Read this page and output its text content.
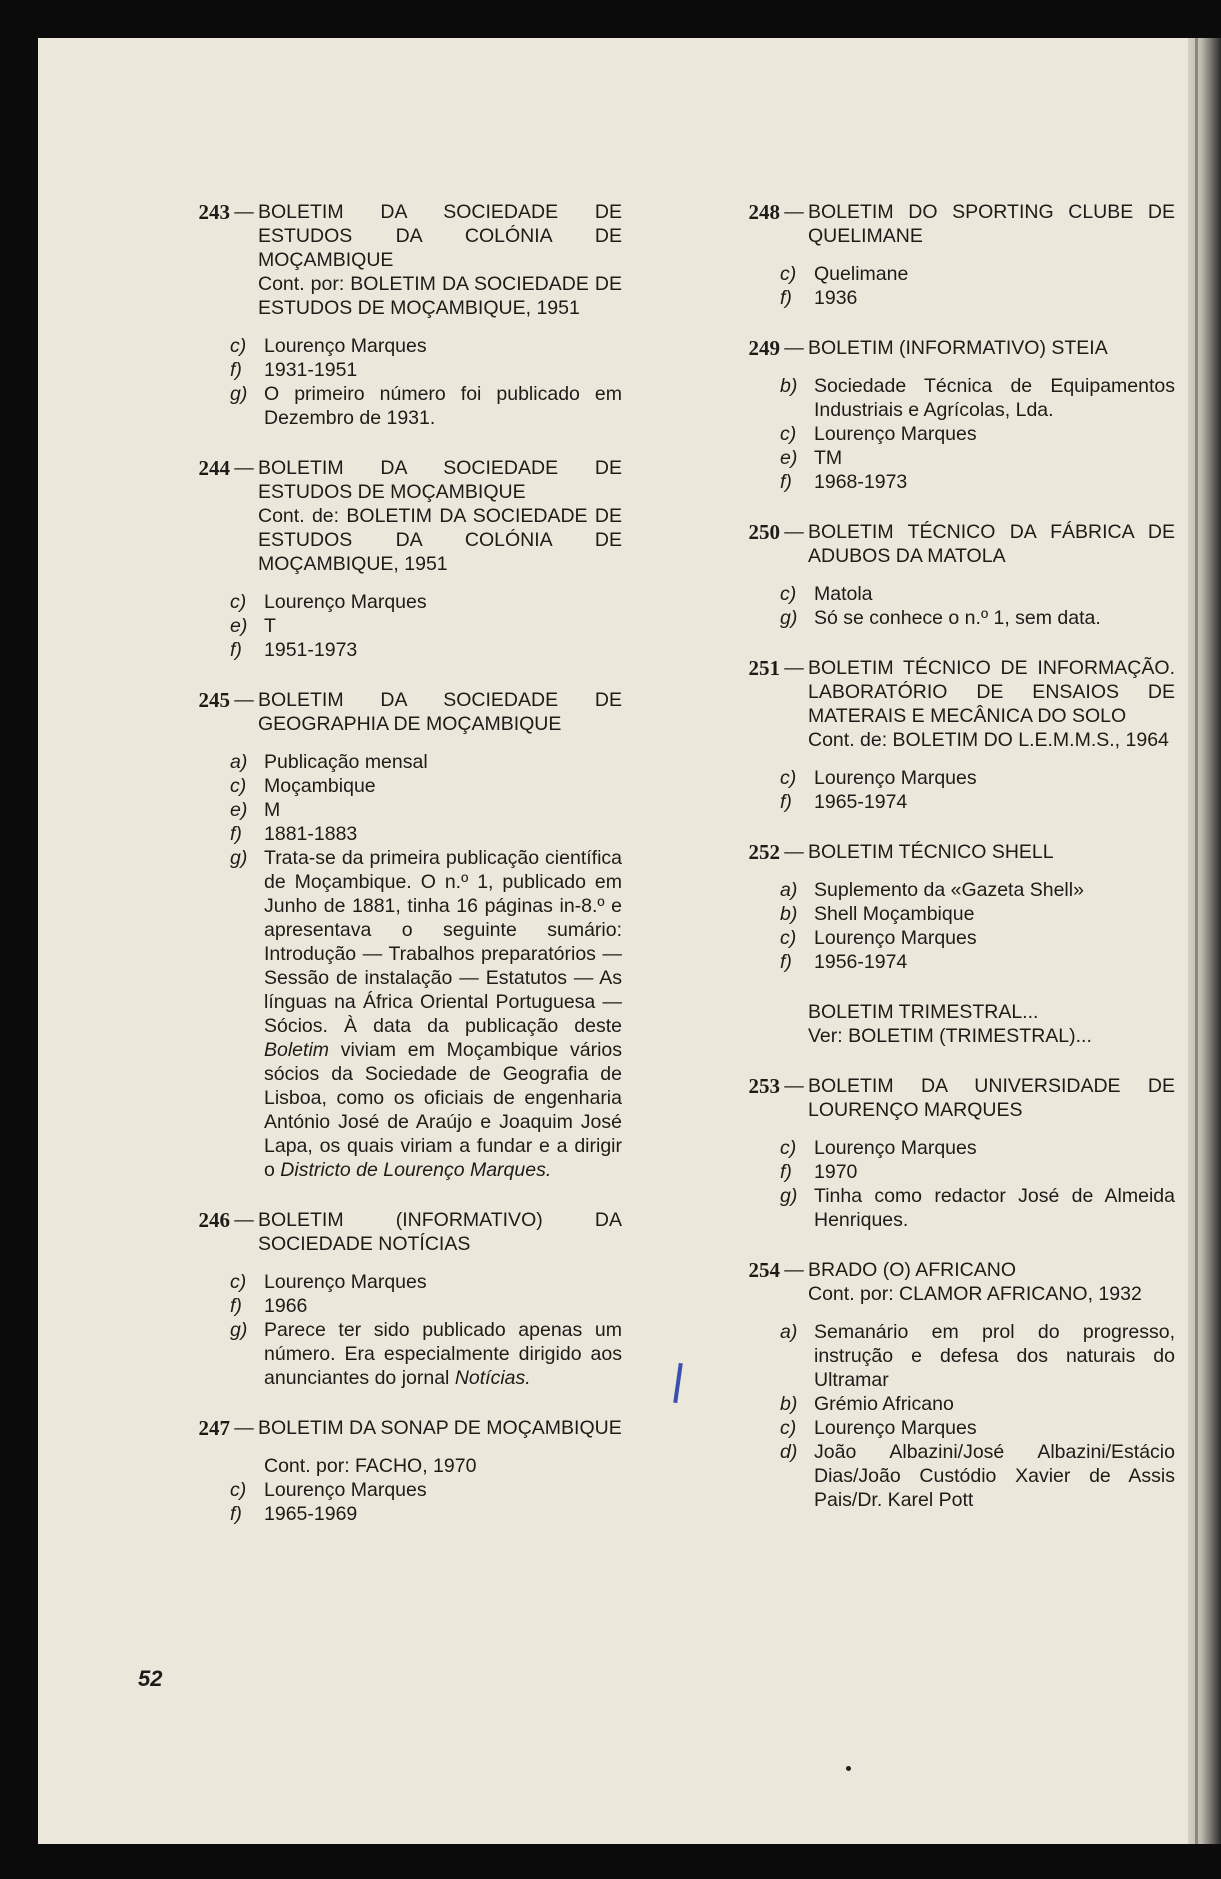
243 — BOLETIM DA SOCIEDADE DE ESTUDOS DA COLÓNIA DE MOÇAMBIQUE
Cont. por: BOLETIM DA SOCIEDADE DE ESTUDOS DE MOÇAMBIQUE, 1951
c) Lourenço Marques
f)	1931-1951
g) O primeiro número foi publicado em Dezembro de 1931.
244 — BOLETIM DA SOCIEDADE DE ESTUDOS DE MOÇAMBIQUE
Cont. de: BOLETIM DA SOCIEDADE DE ESTUDOS DA COLÓNIA DE MOÇAMBIQUE, 1951
c) Lourenço Marques
e) T
f)	1951-1973
245 — BOLETIM DA SOCIEDADE DE GEOGRAPHIA DE MOÇAMBIQUE
a) Publicação mensal
c) Moçambique
e) M
f)	1881-1883
g) Trata-se da primeira publicação científica de Moçambique. O n.º 1, publicado em Junho de 1881, tinha 16 páginas in-8.º e apresentava o seguinte sumário: Introdução — Trabalhos preparatórios — Sessão de instalação — Estatutos — As línguas na África Oriental Portuguesa — Sócios. À data da publicação deste Boletim viviam em Moçambique vários sócios da Sociedade de Geografia de Lisboa, como os oficiais de engenharia António José de Araújo e Joaquim José Lapa, os quais viriam a fundar e a dirigir o Districto de Lourenço Marques.
246 — BOLETIM (INFORMATIVO) DA SOCIEDADE NOTÍCIAS
c) Lourenço Marques
f)	1966
g) Parece ter sido publicado apenas um número. Era especialmente dirigido aos anunciantes do jornal Notícias.
247 — BOLETIM DA SONAP DE MOÇAMBIQUE
Cont. por: FACHO, 1970
c) Lourenço Marques
f)	1965-1969
248 — BOLETIM DO SPORTING CLUBE DE QUELIMANE
c) Quelimane
f)	1936
249 — BOLETIM (INFORMATIVO) STEIA
b) Sociedade Técnica de Equipamentos Industriais e Agrícolas, Lda.
c) Lourenço Marques
e) TM
f)	1968-1973
250 — BOLETIM TÉCNICO DA FÁBRICA DE ADUBOS DA MATOLA
c) Matola
g) Só se conhece o n.º 1, sem data.
251 — BOLETIM TÉCNICO DE INFORMAÇÃO. LABORATÓRIO DE ENSAIOS DE MATERAIS E MECÂNICA DO SOLO
Cont. de: BOLETIM DO L.E.M.M.S., 1964
c) Lourenço Marques
f)	1965-1974
252 — BOLETIM TÉCNICO SHELL
a) Suplemento da «Gazeta Shell»
b) Shell Moçambique
c) Lourenço Marques
f)	1956-1974
BOLETIM TRIMESTRAL...
Ver: BOLETIM (TRIMESTRAL)...
253 — BOLETIM DA UNIVERSIDADE DE LOURENÇO MARQUES
c) Lourenço Marques
f)	1970
g) Tinha como redactor José de Almeida Henriques.
254 — BRADO (O) AFRICANO
Cont. por: CLAMOR AFRICANO, 1932
a) Semanário em prol do progresso, instrução e defesa dos naturais do Ultramar
b) Grémio Africano
c) Lourenço Marques
d) João Albazini/José Albazini/Estácio Dias/João Custódio Xavier de Assis Pais/Dr. Karel Pott
52
